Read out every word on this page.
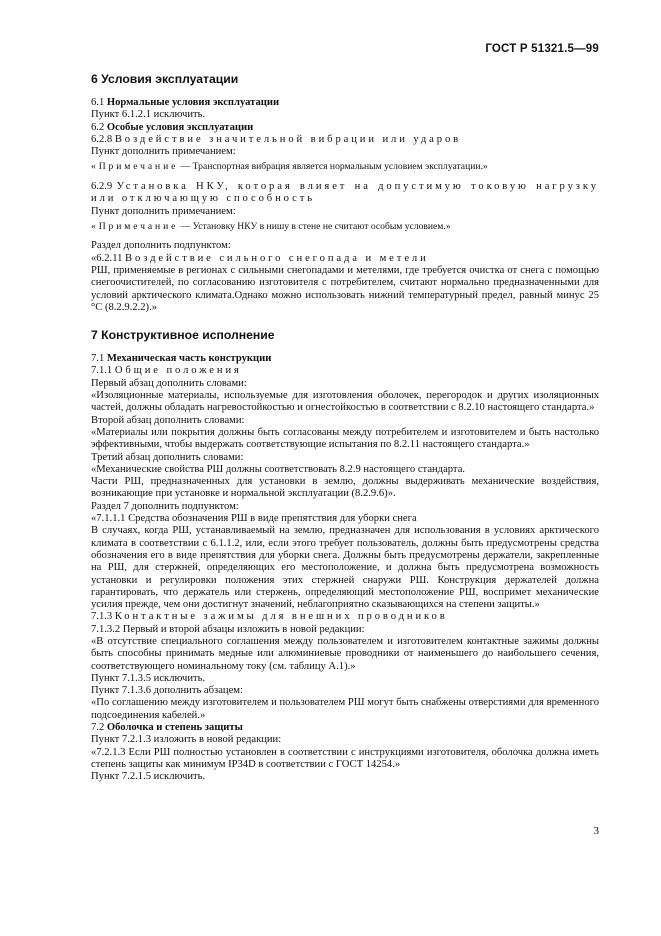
ГОСТ Р 51321.5—99
6 Условия эксплуатации

6.1 Нормальные условия эксплуатации

Пункт 6.1.2.1 исключить.

6.2 Особые условия эксплуатации

6.2.8 Воздействие значительной вибрации или ударов

Пункт дополнить примечанием:

«Примечание — Транспортная вибрация является нормальным условием эксплуатации.»

6.2.9 Установка НКУ, которая влияет на допустимую токовую нагрузку или отключающую способность

Пункт дополнить примечанием:

«Примечание — Установку НКУ в нишу в стене не считают особым условием.»

Раздел дополнить подпунктом:

«6.2.11 Воздействие сильного снегопада и метели

РШ, применяемые в регионах с сильными снегопадами и метелями, где требуется очистка от снега с помощью снегоочистителей, по согласованию изготовителя с потребителем, считают нормально предназначенными для условий арктического климата.Однако можно использовать нижний температурный предел, равный минус 25 °С (8.2.9.2.2).»

7 Конструктивное исполнение

7.1 Механическая часть конструкции

7.1.1 Общие положения

Первый абзац дополнить словами:

«Изоляционные материалы, используемые для изготовления оболочек, перегородок и других изоляционных частей, должны обладать нагревостойкостью и огнестойкостью в соответствии с 8.2.10 настоящего стандарта.»

Второй абзац дополнить словами:

«Материалы или покрытия должны быть согласованы между потребителем и изготовителем и быть настолько эффективными, чтобы выдержать соответствующие испытания по 8.2.11 настоящего стандарта.»

Третий абзац дополнить словами:

«Механические свойства РШ должны соответствовать 8.2.9 настоящего стандарта.

Части РШ, предназначенных для установки в землю, должны выдерживать механические воздействия, возникающие при установке и нормальной эксплуатации (8.2.9.6)».

Раздел 7 дополнить подпунктом:

«7.1.1.1 Средства обозначения РШ в виде препятствия для уборки снега

В случаях, когда РШ, устанавливаемый на землю, предназначен для использования в условиях арктического климата в соответствии с 6.1.1.2, или, если этого требует пользователь, должны быть предусмотрены средства обозначения его в виде препятствия для уборки снега. Должны быть предусмотрены держатели, закрепленные на РШ, для стержней, определяющих его местоположение, и должна быть предусмотрена возможность установки и регулировки положения этих стержней снаружи РШ. Конструкция держателей должна гарантировать, что держатель или стержень, определяющий местоположение РШ, воспримет механические усилия прежде, чем они достигнут значений, неблагоприятно сказывающихся на степени защиты.»

7.1.3 Контактные зажимы для внешних проводников

7.1.3.2 Первый и второй абзацы изложить в новой редакции:

«В отсутствие специального соглашения между пользователем и изготовителем контактные зажимы должны быть способны принимать медные или алюминиевые проводники от наименьшего до наибольшего сечения, соответствующего номинальному току (см. таблицу А.1).»

Пункт 7.1.3.5 исключить.

Пункт 7.1.3.6 дополнить абзацем:

«По соглашению между изготовителем и пользователем РШ могут быть снабжены отверстиями для временного подсоединения кабелей.»

7.2 Оболочка и степень защиты

Пункт 7.2.1.3 изложить в новой редакции:

«7.2.1.3 Если РШ полностью установлен в соответствии с инструкциями изготовителя, оболочка должна иметь степень защиты как минимум IP34D в соответствии с ГОСТ 14254.»

Пункт 7.2.1.5 исключить.

3
